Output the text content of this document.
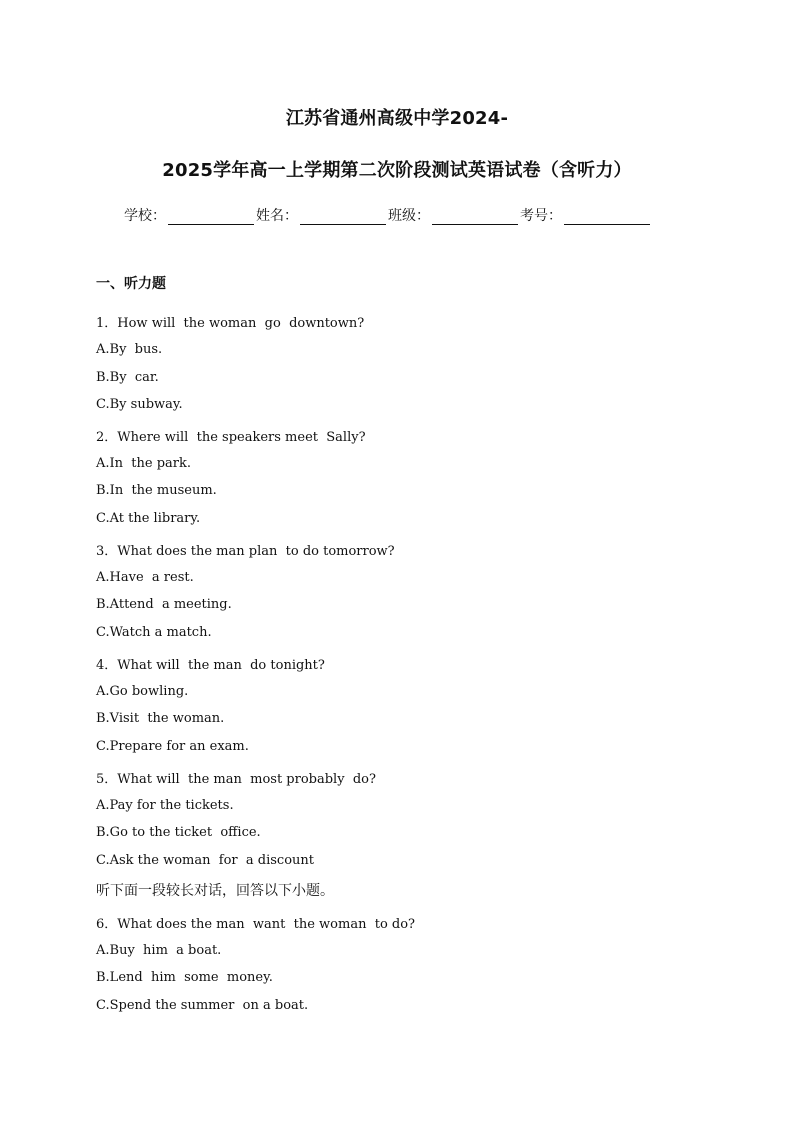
江苏省通州高级中学2024-
2025学年高一上学期第二次阶段测试英语试卷（含听力）
学校：	姓名：	班级：	考号：
一、听力题
1．How will  the woman  go  downtown?
A.By  bus.
B.By  car.
C.By subway.
2．Where will  the speakers meet  Sally?
A.In  the park.
B.In  the museum.
C.At the library.
3．What does the man plan  to do tomorrow?
A.Have  a rest.
B.Attend  a meeting.
C.Watch a match.
4．What will  the man  do tonight?
A.Go bowling.
B.Visit  the woman.
C.Prepare for an exam.
5．What will  the man  most probably  do?
A.Pay for the tickets.
B.Go to the ticket  office.
C.Ask the woman  for  a discount
听下面一段较长对话，回答以下小题。
6．What does the man  want  the woman  to do?
A.Buy  him  a boat.
B.Lend  him  some  money.
C.Spend the summer  on a boat.
